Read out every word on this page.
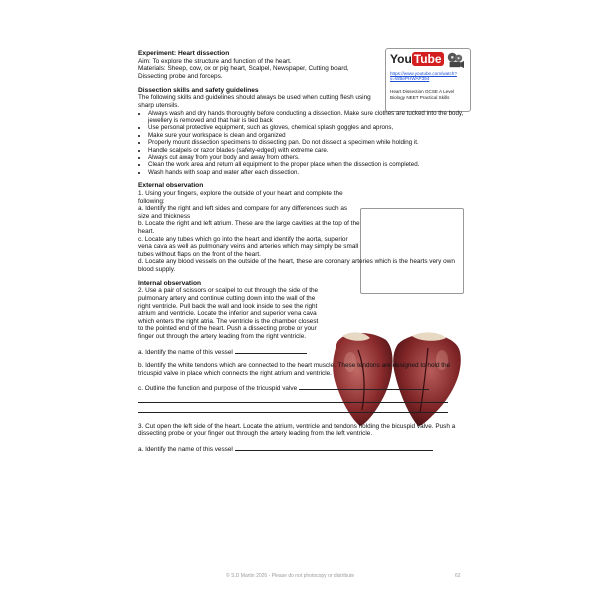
You Tube
https://www.youtube.com/watch?v=WBePHWAP394
Heart Dissection GCSE A Level Biology NEET Practical Skills
Experiment: Heart dissection
Aim: To explore the structure and function of the heart.
Materials: Sheep, cow, ox or pig heart, Scalpel, Newspaper, Cutting board, Dissecting probe and forceps.
Dissection skills and safety guidelines
The following skills and guidelines should always be used when cutting flesh using sharp utensils.
• Always wash and dry hands thoroughly before conducting a dissection. Make sure clothes are tucked into the body, jewellery is removed and that hair is tied back
• Use personal protective equipment, such as gloves, chemical splash goggles and aprons,
• Make sure your workspace is clean and organized
• Properly mount dissection specimens to dissecting pan. Do not dissect a specimen while holding it.
• Handle scalpels or razor blades (safety-edged) with extreme care.
• Always cut away from your body and away from others.
• Clean the work area and return all equipment to the proper place when the dissection is completed.
• Wash hands with soap and water after each dissection.
External observation
1. Using your fingers, explore the outside of your heart and complete the following:
a. Identify the right and left sides and compare for any differences such as size and thickness
b. Locate the right and left atrium. These are the large cavities at the top of the heart.
c. Locate any tubes which go into the heart and identify the aorta, superior vena cava as well as pulmonary veins and arteries which may simply be small tubes without flaps on the front of the heart.
d. Locate any blood vessels on the outside of the heart, these are coronary arteries which is the hearts very own blood supply.
Internal observation
2. Use a pair of scissors or scalpel to cut through the side of the pulmonary artery and continue cutting down into the wall of the right ventricle. Pull back the wall and look inside to see the right atrium and ventricle. Locate the inferior and superior vena cava which enters the right atria. The ventricle is the chamber closest to the pointed end of the heart. Push a dissecting probe or your finger out through the artery leading from the right ventricle.
a. Identify the name of this vessel
b. Identify the white tendons which are connected to the heart muscle. These tendons are designed to hold the tricuspid valve in place which connects the right atrium and ventricle.
c. Outline the function and purpose of the tricuspid valve
3. Cut open the left side of the heart. Locate the atrium, ventricle and tendons holding the bicuspid valve. Push a dissecting probe or your finger out through the artery leading from the left ventricle.
a. Identify the name of this vessel
© S.D Martin 2026 - Please do not photocopy or distribute	62
